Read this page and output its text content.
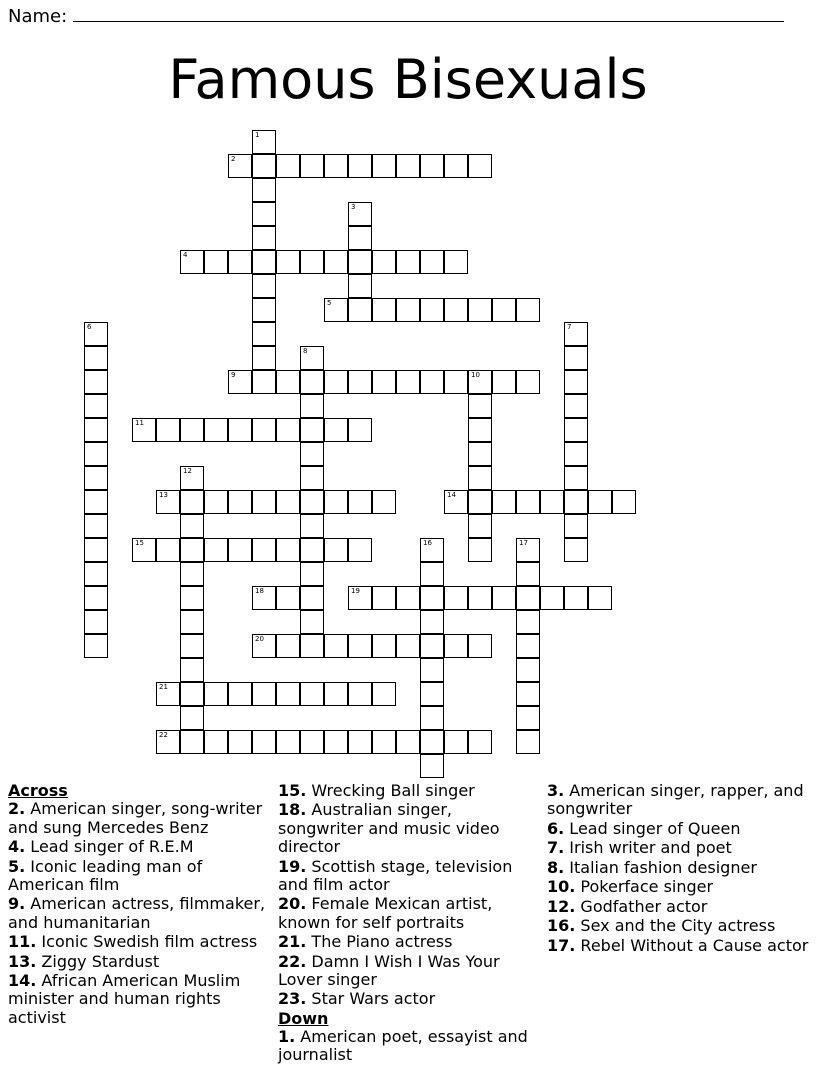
Name:
Famous Bisexuals
1
2
3
4
5
6	7
8
9	10
11
12
13	14
15	16	17
18	19
20
21
22
Across
2. American singer, song-writer and sung Mercedes Benz
4. Lead singer of R.E.M
5. Iconic leading man of American film
9. American actress, filmmaker, and humanitarian
11. Iconic Swedish film actress
13. Ziggy Stardust
14. African American Muslim minister and human rights activist
15. Wrecking Ball singer
18. Australian singer, songwriter and music video director
19. Scottish stage, television and film actor
20. Female Mexican artist, known for self portraits
21. The Piano actress
22. Damn I Wish I Was Your Lover singer
23. Star Wars actor
Down
1. American poet, essayist and journalist
3. American singer, rapper, and songwriter
6. Lead singer of Queen
7. Irish writer and poet
8. Italian fashion designer
10. Pokerface singer
12. Godfather actor
16. Sex and the City actress
17. Rebel Without a Cause actor
